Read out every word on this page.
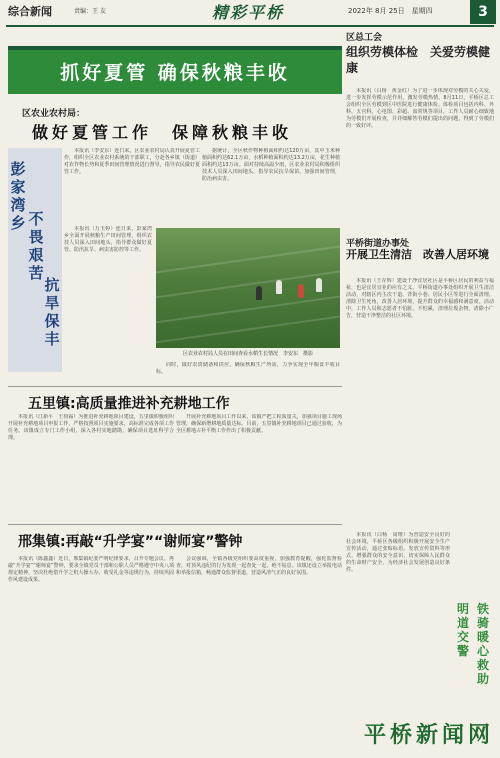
综合新闻	责编：王 友	精彩平桥	2022年 8月 25日　星期四	3
抓好夏管 确保秋粮丰收
区农业农村局：
做好夏管工作　保障秋粮丰收
彭家湾乡 不畏艰苦
抗旱保丰

本报讯（李安东）连日来，区农业农村局认真开展夏管工作，组织全区农业农村系统的干部职工，分赴各乡镇（街道）对农作物长势和夏季田间管理情况进行督导，指导农民做好夏管工作。

据统计，全区秋作物种植面积约达120万亩，其中玉米种植面积约达62.1万亩，水稻种植面积约达13.2万亩，花生种植面积约达13万亩。面对持续高温少雨，区农业农村局积极组织技术人员深入田间地头，指导农民抗旱保苗、加强田间管理，防治病虫害。

本报讯（万玉婷）连日来，彭家湾乡全面开展秋粮生产田间管理，组织农技人员深入田间地头，指导群众做好夏管、防汛抗旱、病虫害防控等工作。

区农业农村局人员在田间查看水稻生长情况　李安东　摄影

同时，做好农资储备和供应，确保秋粮生产所需，力争实现全年粮食丰收目标。

五里镇:高质量推进补充耕地工作

本报讯（江新平　王荷霜）为推进补充耕地项目建设，五里镇积极组织开展补充耕地项目申报工作，严格按照项目实施要求，高标准完成各项工作任务。该镇成立专门工作小组，深入各村实地踏勘，确保项目选址科学合理。

开展补充耕地项目工作以来，该镇严把工程质量关，加强项目施工现场管理，确保新增耕地质量达标。目前，五里镇补充耕地项目已通过验收，为全区耕地占补平衡工作作出了积极贡献。

邢集镇:再敲“升学宴”“谢师宴”警钟

本报讯（陈鑫鑫）近日，邢集镇纪委严明纪律要求，召开专题会议，再敲“升学宴”“谢师宴”警钟，要求全镇党员干部和公职人员严格遵守中央八项规定精神，坚决杜绝借升学之机大操大办、收受礼金等违规行为，持续巩固作风建设成果。

会议强调，全镇各级党组织要高度重视，加强教育提醒，强化监督检查，对顶风违纪的行为发现一起查处一起，绝不姑息。该镇还设立举报电话和举报信箱，畅通群众监督渠道，营造风清气正的良好氛围。

区总工会
组织劳模体检　关爱劳模健康

本报讯（白杨　黄金红）为了进一步体现对劳模的关心关爱，进一步发挥劳模示范作用，激发劳模热情，8月11日，平桥区总工会组织全区劳模到区中医院进行健康体检。体检项目包括内科、外科、五官科、心电图、彩超、血常规等项目，工作人员耐心细致地为劳模们开展检查，并详细解答劳模们提出的问题，得到了劳模们的一致好评。

平桥街道办事处
开展卫生清洁　改善人居环境

本报讯（王存辉）建设干净宜居社区是平桥区居民的利益与福祉，也是宜居宜业的应有之义。平桥街道办事处组织开展卫生清洁活动，对辖区内主次干道、背街小巷、居民小区等进行全面清理，清除卫生死角，改善人居环境，提升群众的幸福感和满意度。活动中，工作人员和志愿者不怕脏、不怕累，清理垃圾杂物，清除小广告，营造干净整洁的社区环境。

本报讯（白杨　周维）为营造安全良好的社会环境，平桥区各级组织积极开展安全生产宣传活动，通过张贴标语、发放宣传资料等形式，增强群众的安全意识，切实保障人民群众的生命财产安全，为经济社会发展创造良好条件。

明道交警
铁骑暖心救助
平桥新闻网
